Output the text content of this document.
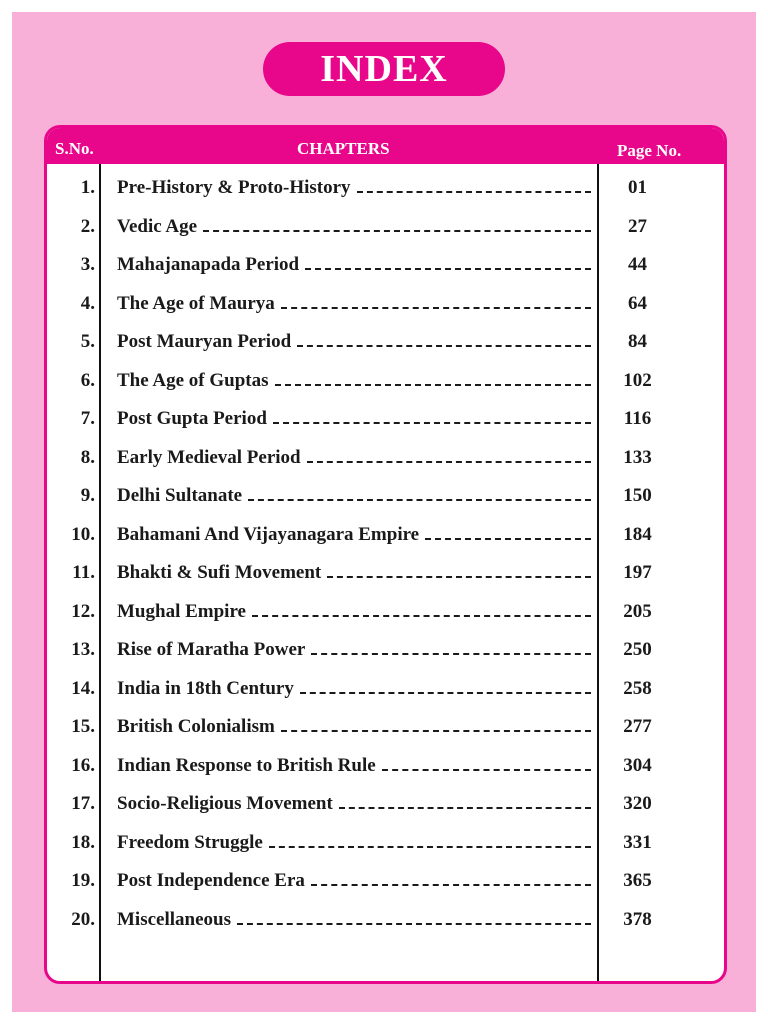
INDEX
S.No.	CHAPTERS	Page No.
1. Pre-History & Proto-History	01
2. Vedic Age	27
3. Mahajanapada Period	44
4. The Age of Maurya	64
5. Post Mauryan Period	84
6. The Age of Guptas	102
7. Post Gupta Period	116
8. Early Medieval Period	133
9. Delhi Sultanate	150
10. Bahamani And Vijayanagara Empire	184
11. Bhakti & Sufi Movement	197
12. Mughal Empire	205
13. Rise of Maratha Power	250
14. India in 18th Century	258
15. British Colonialism	277
16. Indian Response to British Rule	304
17. Socio-Religious Movement	320
18. Freedom Struggle	331
19. Post Independence Era	365
20. Miscellaneous	378
